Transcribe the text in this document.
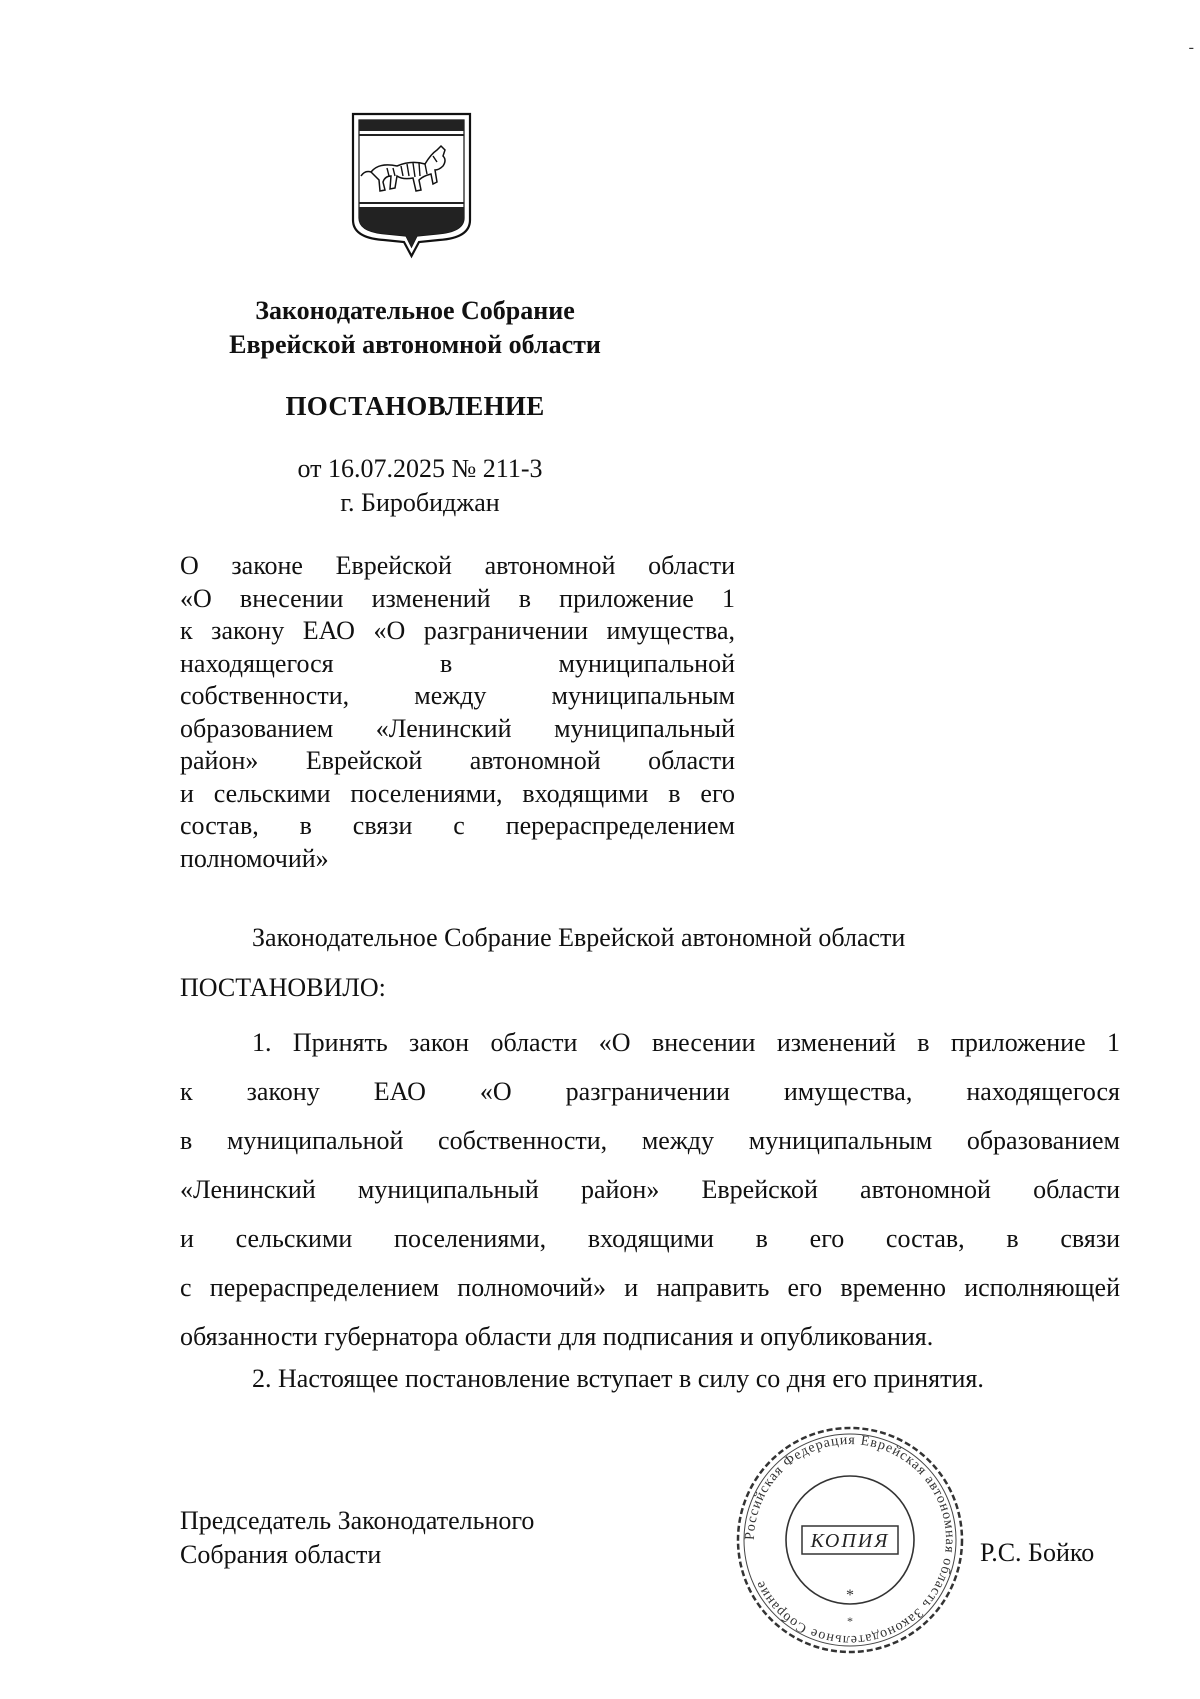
-
Законодательное Собрание
Еврейской автономной области
ПОСТАНОВЛЕНИЕ
от 16.07.2025 № 211-3
г. Биробиджан
О законе Еврейской автономной области
«О внесении изменений в приложение 1
к закону ЕАО «О разграничении имущества,
находящегося в муниципальной
собственности, между муниципальным
образованием «Ленинский муниципальный
район» Еврейской автономной области
и сельскими поселениями, входящими в его
состав, в связи с перераспределением
полномочий»
Законодательное Собрание Еврейской автономной области
ПОСТАНОВИЛО:
1. Принять закон области «О внесении изменений в приложение 1
к закону ЕАО «О разграничении имущества, находящегося
в муниципальной собственности, между муниципальным образованием
«Ленинский муниципальный район» Еврейской автономной области
и сельскими поселениями, входящими в его состав, в связи
с перераспределением полномочий» и направить его временно исполняющей
обязанности губернатора области для подписания и опубликования.
2. Настоящее постановление вступает в силу со дня его принятия.
Председатель Законодательного
Собрания области
Российская Федерация Еврейская автономная область Законодательное Собрание
КОПИЯ
*
*
Р.С. Бойко
